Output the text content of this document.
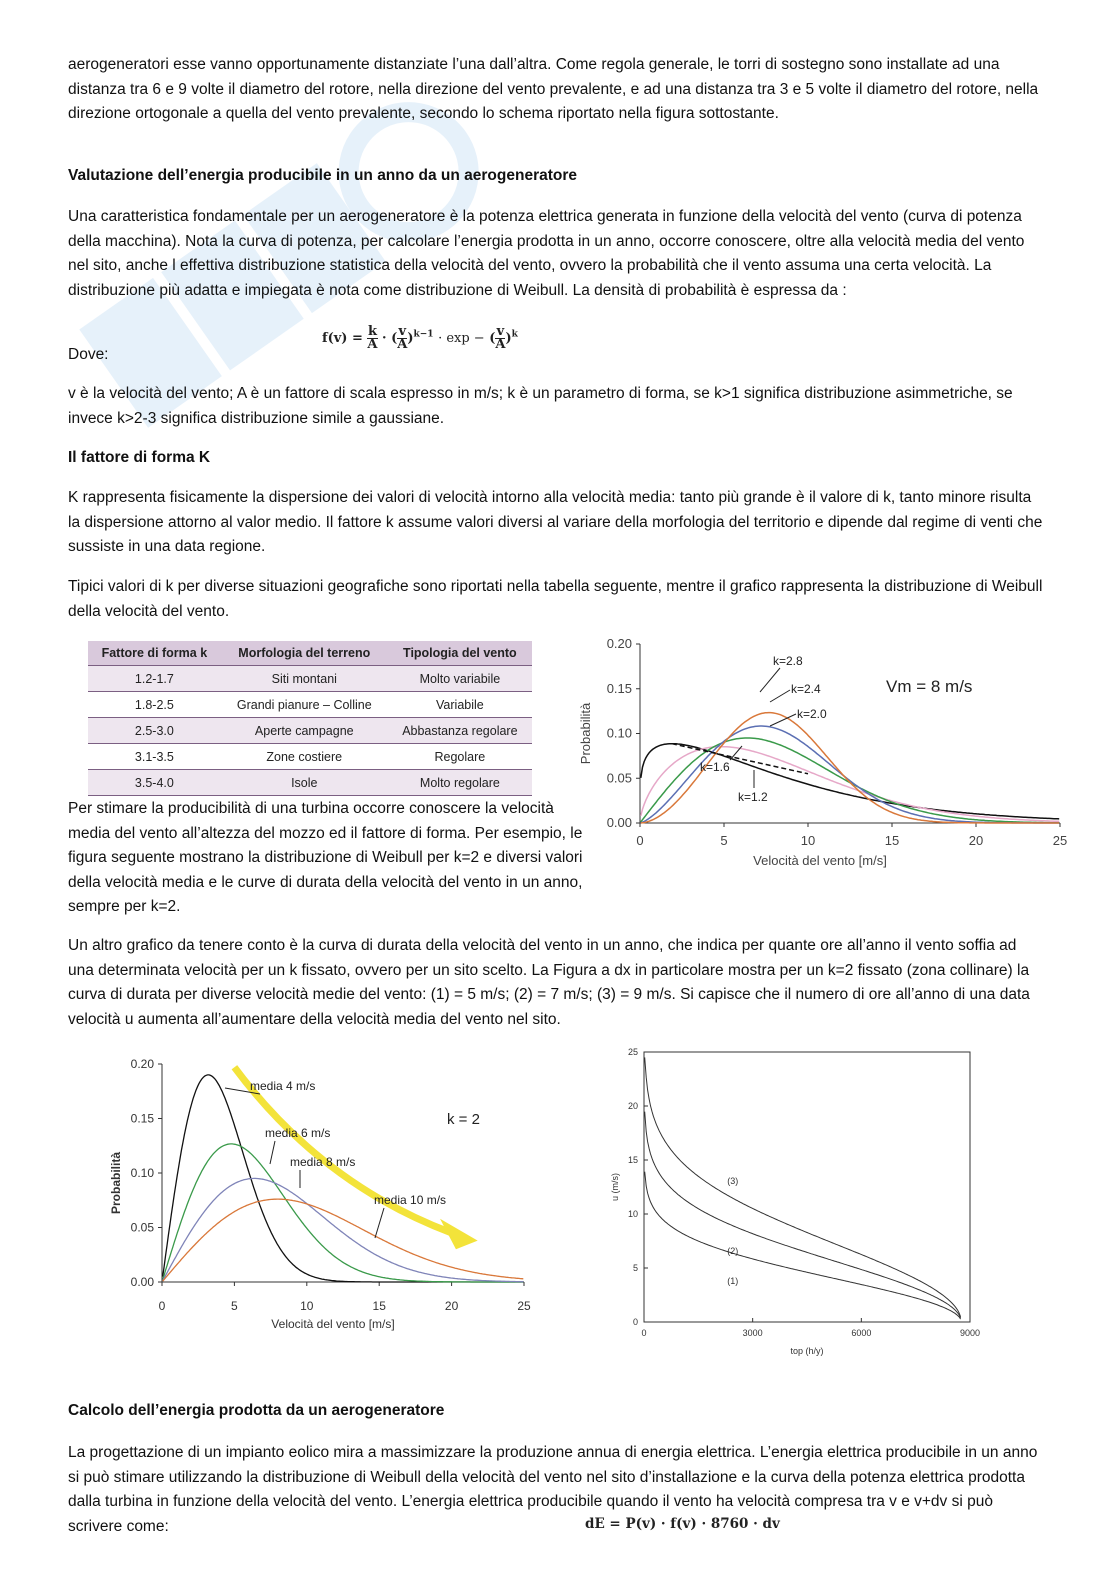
aerogeneratori esse vanno opportunamente distanziate l’una dall’altra. Come regola generale, le torri di sostegno sono installate ad una distanza tra 6 e 9 volte il diametro del rotore, nella direzione del vento prevalente, e ad una distanza tra 3 e 5 volte il diametro del rotore, nella direzione ortogonale a quella del vento prevalente, secondo lo schema riportato nella figura sottostante.

Valutazione dell’energia producibile in un anno da un aerogeneratore

Una caratteristica fondamentale per un aerogeneratore è la potenza elettrica generata in funzione della velocità del vento (curva di potenza della macchina). Nota la curva di potenza, per calcolare l’energia prodotta in un anno, occorre conoscere, oltre alla velocità media del vento nel sito, anche l effettiva distribuzione statistica della velocità del vento, ovvero la probabilità che il vento assuma una certa velocità. La distribuzione più adatta e impiegata è nota come distribuzione di Weibull. La densità di probabilità è espressa da :

$f(v) = \frac{k}{A}$ · ( $\frac{v}{A} )^{k-1} \cdot \exp$ − ( $\frac{v}{A} )^k$

Dove:

v è la velocità del vento; A è un fattore di scala espresso in m/s; k è un parametro di forma, se k>1 significa distribuzione asimmetriche, se invece k>2-3 significa distribuzione simile a gaussiane.

Il fattore di forma K

K rappresenta fisicamente la dispersione dei valori di velocità intorno alla velocità media: tanto più grande è il valore di k, tanto minore risulta la dispersione attorno al valor medio. Il fattore k assume valori diversi al variare della morfologia del territorio e dipende dal regime di venti che sussiste in una data regione.

Tipici valori di k per diverse situazioni geografiche sono riportati nella tabella seguente, mentre il grafico rappresenta la distribuzione di Weibull della velocità del vento.

Fattore di forma k	Morfologia del terreno	Tipologia del vento
1.2-1.7	Siti montani	Molto variabile
1.8-2.5	Grandi pianure – Colline	Variabile
2.5-3.0	Aperte campagne	Abbastanza regolare
3.1-3.5	Zone costiere	Regolare
3.5-4.0	Isole	Molto regolare

Per stimare la producibilità di una turbina occorre conoscere la velocità media del vento all’altezza del mozzo ed il fattore di forma. Per esempio, le figura seguente mostrano la distribuzione di Weibull per k=2 e diversi valori della velocità media e le curve di durata della velocità del vento in un anno, sempre per k=2.

0	5	10	15	20	25
0.00
0.05
0.10
0.15
0.20
Velocità del vento [m/s]
Probabilità
Vm = 8 m/s
k=2.8
k=2.4
k=2.0
k=1.6
k=1.2

Un altro grafico da tenere conto è la curva di durata della velocità del vento in un anno, che indica per quante ore all’anno il vento soffia ad una determinata velocità per un k fissato, ovvero per un sito scelto. La Figura a dx in particolare mostra per un k=2 fissato (zona collinare) la curva di durata per diverse velocità medie del vento: (1) = 5 m/s; (2) = 7 m/s; (3) = 9 m/s. Si capisce che il numero di ore all’anno di una data velocità u aumenta all’aumentare della velocità media del vento nel sito.

0	5	10	15	20	25
0.00
0.05
0.10
0.15
0.20
Velocità del vento [m/s]
Probabilità
k = 2
media 4 m/s
media 6 m/s
media 8 m/s
media 10 m/s
0	3000	6000	9000
0
5
10
15
20
25
top (h/y)
u (m/s)
(1)
(2)
(3)

Calcolo dell’energia prodotta da un aerogeneratore

La progettazione di un impianto eolico mira a massimizzare la produzione annua di energia elettrica. L’energia elettrica producibile in un anno si può stimare utilizzando la distribuzione di Weibull della velocità del vento nel sito d’installazione e la curva della potenza elettrica prodotta dalla turbina in funzione della velocità del vento. L’energia elettrica producibile quando il vento ha velocità compresa tra v e v+dv si può scrivere come:	dE = P(v) · f(v) · 8760 · dv
